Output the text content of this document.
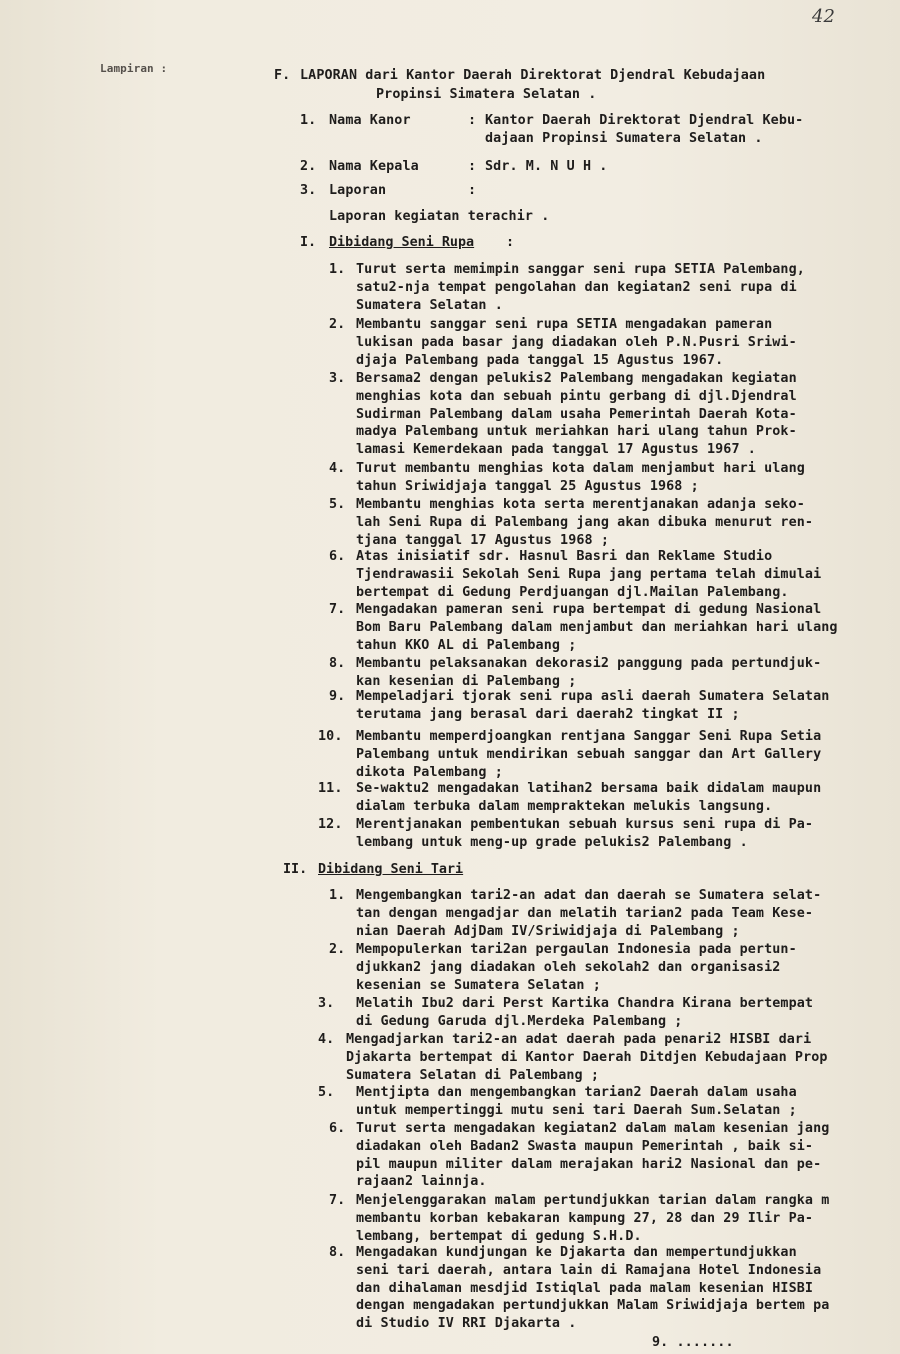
42
Lampiran :	F. LAPORAN dari Kantor Daerah Direktorat Djendral Kebudajaan
Propinsi Simatera Selatan .
1. Nama Kanor	: Kantor Daerah Direktorat Djendral Kebu-
dajaan Propinsi Sumatera Selatan .
2. Nama Kepala	: Sdr. M. N U H .
3. Laporan	:
Laporan kegiatan terachir .
I. Dibidang Seni Rupa :
1. Turut serta memimpin sanggar seni rupa SETIA Palembang,
satu2-nja tempat pengolahan dan kegiatan2 seni rupa di
Sumatera Selatan .
2. Membantu sanggar seni rupa SETIA mengadakan pameran
lukisan pada basar jang diadakan oleh P.N.Pusri Sriwi-
djaja Palembang pada tanggal 15 Agustus 1967.
3. Bersama2 dengan pelukis2 Palembang mengadakan kegiatan
menghias kota dan sebuah pintu gerbang di djl.Djendral
Sudirman Palembang dalam usaha Pemerintah Daerah Kota-
madya Palembang untuk meriahkan hari ulang tahun Prok-
lamasi Kemerdekaan pada tanggal 17 Agustus 1967 .
4. Turut membantu menghias kota dalam menjambut hari ulang
tahun Sriwidjaja tanggal 25 Agustus 1968 ;
5. Membantu menghias kota serta merentjanakan adanja seko-
lah Seni Rupa di Palembang jang akan dibuka menurut ren-
tjana tanggal 17 Agustus 1968 ;
6. Atas inisiatif sdr. Hasnul Basri dan Reklame Studio
Tjendrawasii Sekolah Seni Rupa jang pertama telah dimulai
bertempat di Gedung Perdjuangan djl.Mailan Palembang.
7. Mengadakan pameran seni rupa bertempat di gedung Nasional
Bom Baru Palembang dalam menjambut dan meriahkan hari ulang
tahun KKO AL di Palembang ;
8. Membantu pelaksanakan dekorasi2 panggung pada pertundjuk-
kan kesenian di Palembang ;
9. Mempeladjari tjorak seni rupa asli daerah Sumatera Selatan
terutama jang berasal dari daerah2 tingkat II ;
10. Membantu memperdjoangkan rentjana Sanggar Seni Rupa Setia
Palembang untuk mendirikan sebuah sanggar dan Art Gallery
dikota Palembang ;
11. Se-waktu2 mengadakan latihan2 bersama baik didalam maupun
dialam terbuka dalam mempraktekan melukis langsung.
12. Merentjanakan pembentukan sebuah kursus seni rupa di Pa-
lembang untuk meng-up grade pelukis2 Palembang .
II. Dibidang Seni Tari
1. Mengembangkan tari2-an adat dan daerah se Sumatera selat-
tan dengan mengadjar dan melatih tarian2 pada Team Kese-
nian Daerah AdjDam IV/Sriwidjaja di Palembang ;
2. Mempopulerkan tari2an pergaulan Indonesia pada pertun-
djukkan2 jang diadakan oleh sekolah2 dan organisasi2
kesenian se Sumatera Selatan ;
3. Melatih Ibu2 dari Perst Kartika Chandra Kirana bertempat
di Gedung Garuda djl.Merdeka Palembang ;
4. Mengadjarkan tari2-an adat daerah pada penari2 HISBI dari
Djakarta bertempat di Kantor Daerah Ditdjen Kebudajaan Prop
Sumatera Selatan di Palembang ;
5. Mentjipta dan mengembangkan tarian2 Daerah dalam usaha
untuk mempertinggi mutu seni tari Daerah Sum.Selatan ;
6. Turut serta mengadakan kegiatan2 dalam malam kesenian jang
diadakan oleh Badan2 Swasta maupun Pemerintah , baik si-
pil maupun militer dalam merajakan hari2 Nasional dan pe-
rajaan2 lainnja.
7. Menjelenggarakan malam pertundjukkan tarian dalam rangka m
membantu korban kebakaran kampung 27, 28 dan 29 Ilir Pa-
lembang, bertempat di gedung S.H.D.
8. Mengadakan kundjungan ke Djakarta dan mempertundjukkan
seni tari daerah, antara lain di Ramajana Hotel Indonesia
dan dihalaman mesdjid Istiqlal pada malam kesenian HISBI
dengan mengadakan pertundjukkan Malam Sriwidjaja bertem pa
di Studio IV RRI Djakarta .
9. .......
